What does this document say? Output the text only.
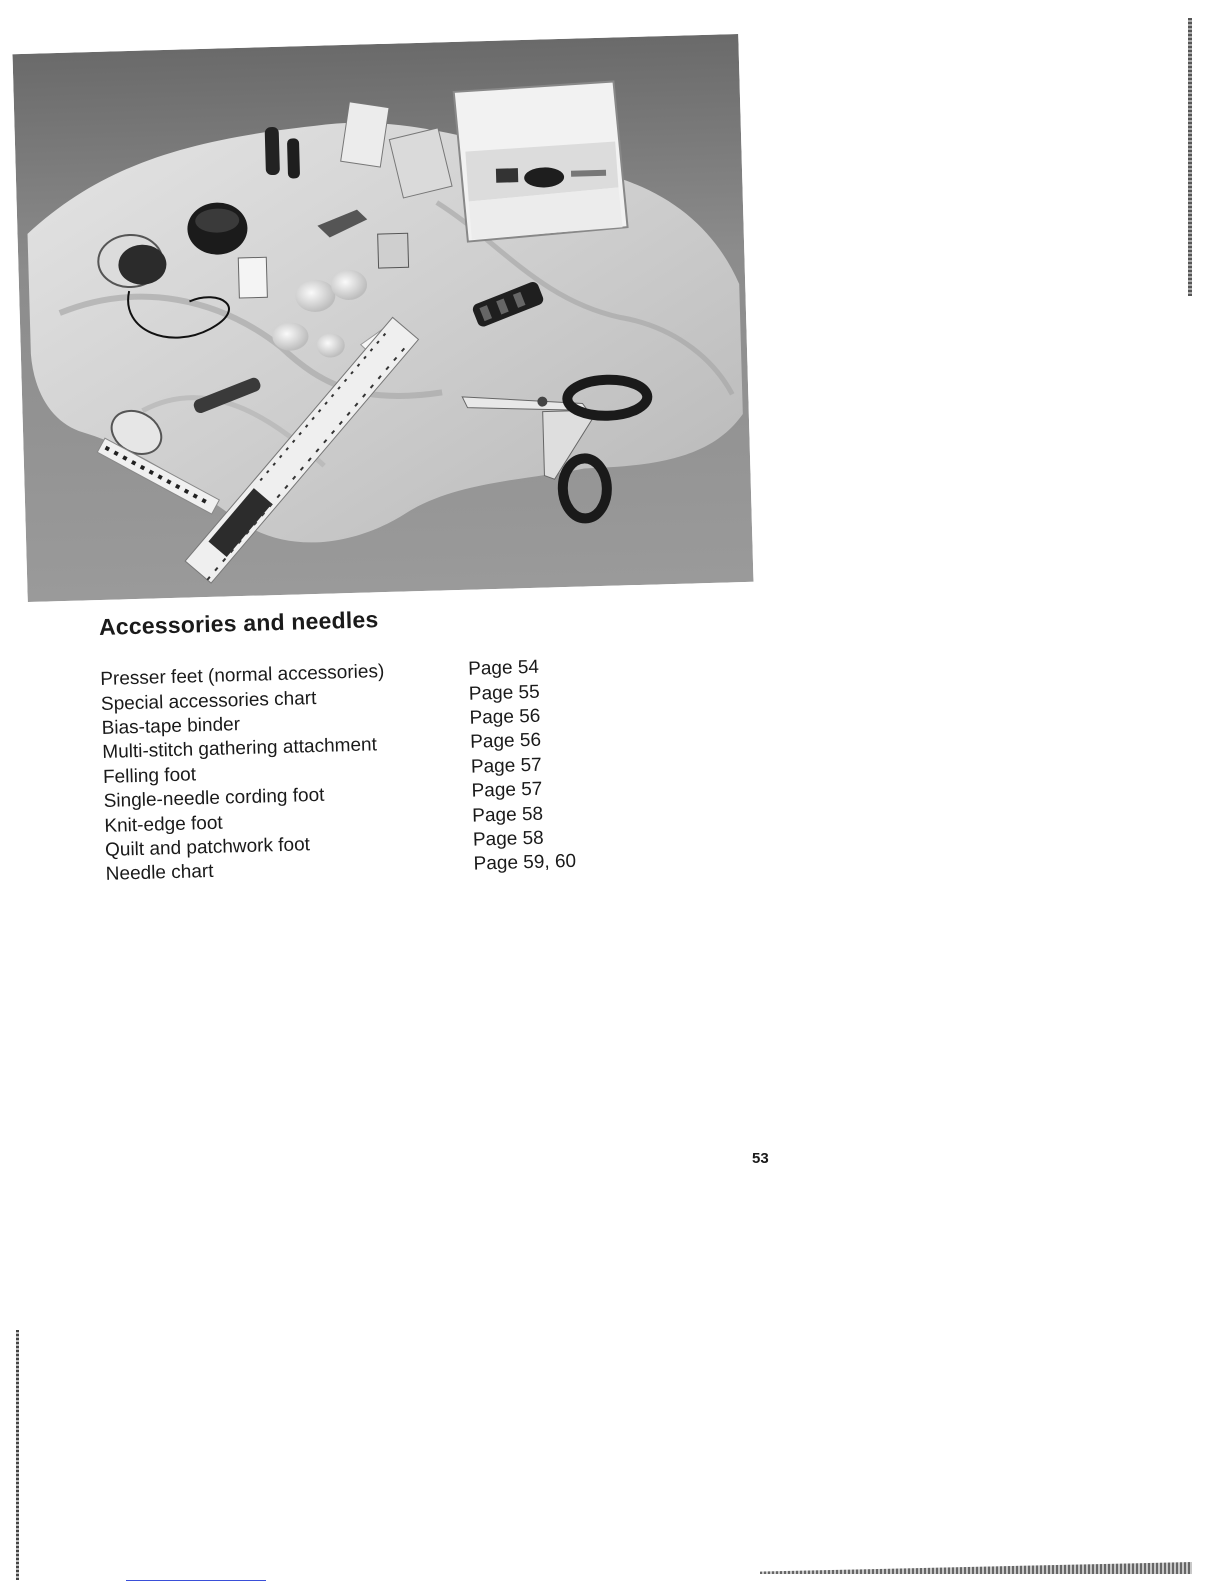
Accessories and needles
Presser feet (normal accessories)	Page 54
Special accessories chart	Page 55
Bias-tape binder	Page 56
Multi-stitch gathering attachment	Page 56
Felling foot	Page 57
Single-needle cording foot	Page 57
Knit-edge foot	Page 58
Quilt and patchwork foot	Page 58
Needle chart	Page 59, 60
53
